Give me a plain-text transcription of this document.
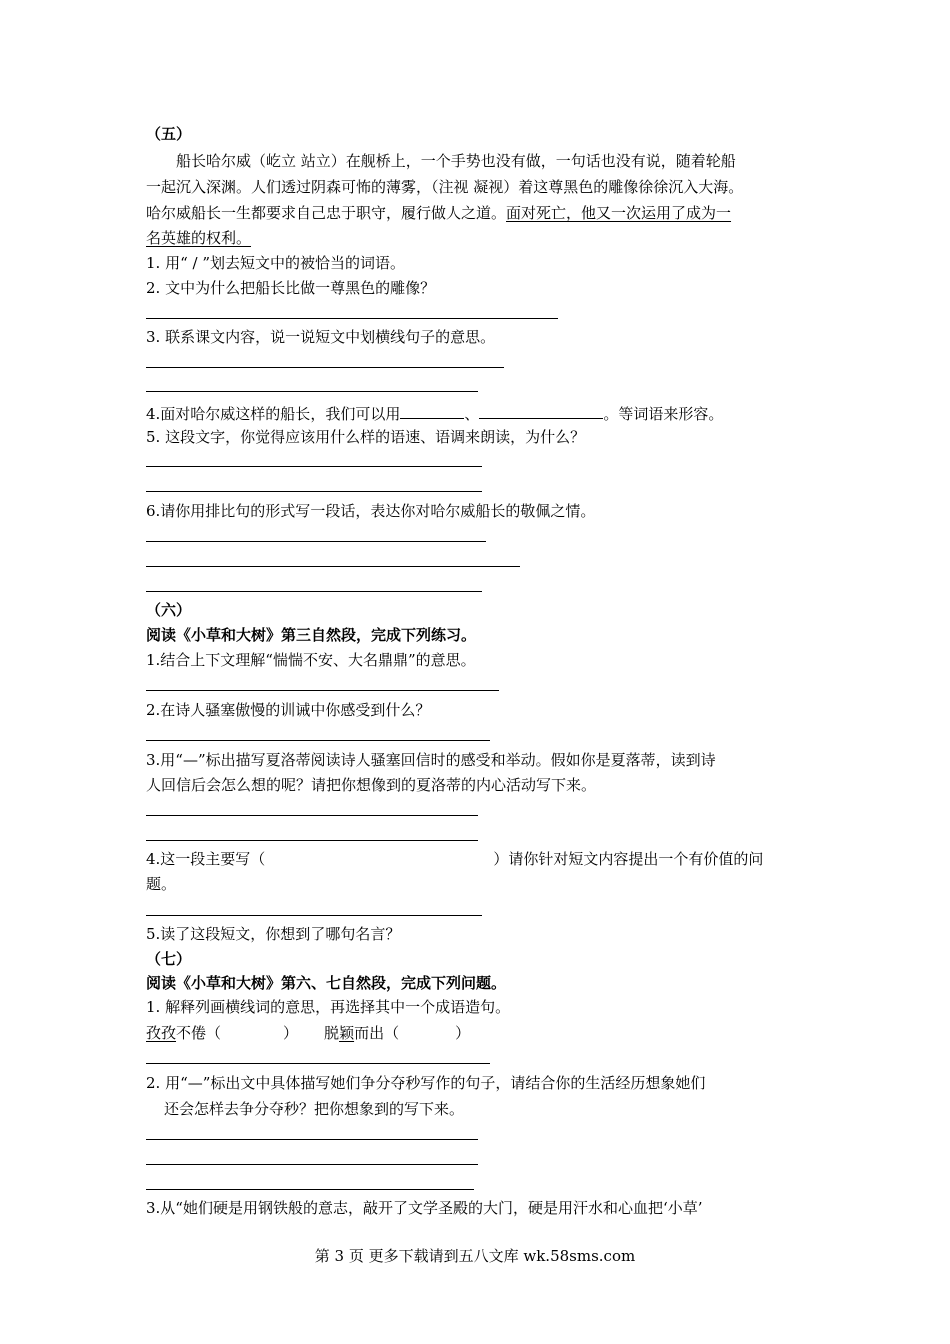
（五）
船长哈尔威（屹立 站立）在舰桥上，一个手势也没有做，一句话也没有说，随着轮船
一起沉入深渊。人们透过阴森可怖的薄雾，（注视 凝视）着这尊黑色的雕像徐徐沉入大海。
哈尔威船长一生都要求自己忠于职守，履行做人之道。面对死亡，他又一次运用了成为一
名英雄的权利。
1. 用“ / ”划去短文中的被恰当的词语。
2. 文中为什么把船长比做一尊黑色的雕像？
3. 联系课文内容，说一说短文中划横线句子的意思。
4.面对哈尔威这样的船长，我们可以用	、	。等词语来形容。
5. 这段文字，你觉得应该用什么样的语速、语调来朗读，为什么？
6.请你用排比句的形式写一段话，表达你对哈尔威船长的敬佩之情。
（六）
阅读《小草和大树》第三自然段，完成下列练习。
1.结合上下文理解“惴惴不安、大名鼎鼎”的意思。
2.在诗人骚塞傲慢的训诫中你感受到什么？
3.用“—”标出描写夏洛蒂阅读诗人骚塞回信时的感受和举动。假如你是夏落蒂，读到诗
人回信后会怎么想的呢？请把你想像到的夏洛蒂的内心活动写下来。
4.这一段主要写（	）请你针对短文内容提出一个有价值的问
题。
5.读了这段短文，你想到了哪句名言？
（七）
阅读《小草和大树》第六、七自然段，完成下列问题。
1. 解释列画横线词的意思，再选择其中一个成语造句。
孜孜不倦（	） 脱颖而出（	）
2. 用“—”标出文中具体描写她们争分夺秒写作的句子，请结合你的生活经历想象她们
还会怎样去争分夺秒？把你想象到的写下来。
3.从“她们硬是用钢铁般的意志，敲开了文学圣殿的大门，硬是用汗水和心血把‘小草’
第 3 页 更多下载请到五八文库 wk.58sms.com
